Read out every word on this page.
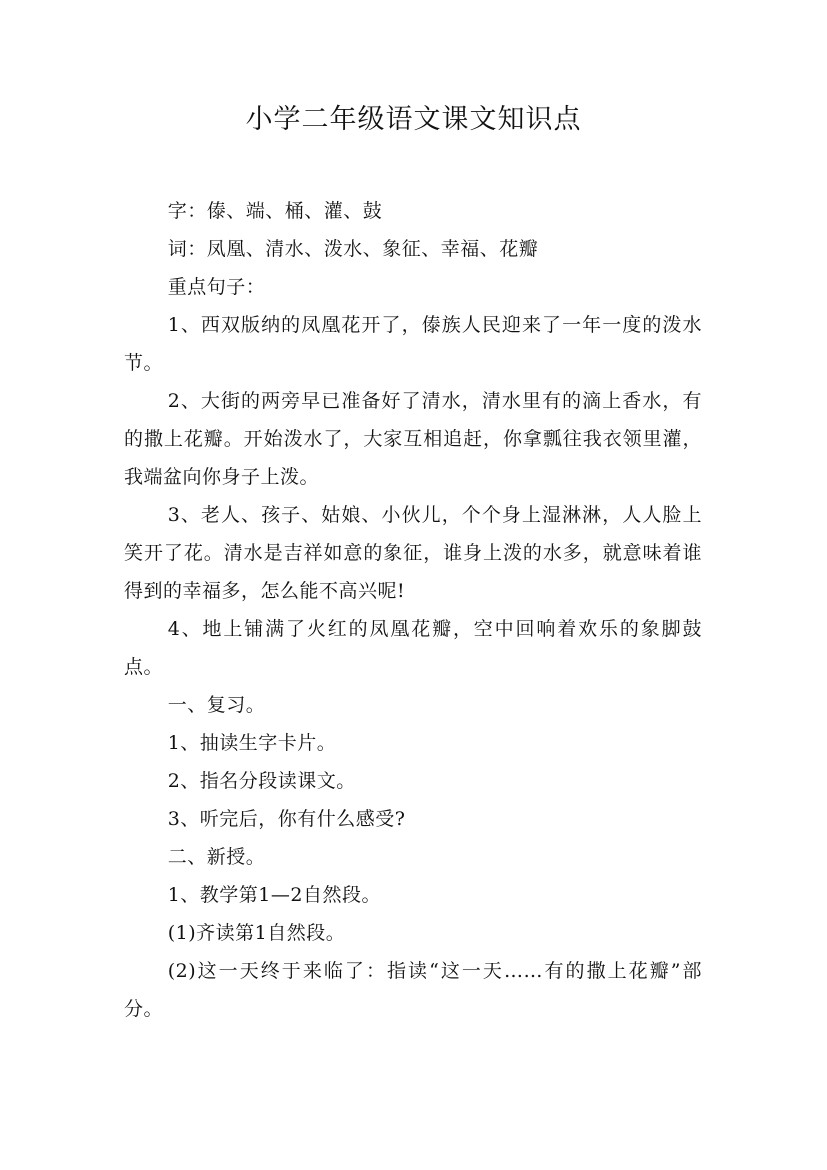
小学二年级语文课文知识点

字：傣、端、桶、灌、鼓

词：凤凰、清水、泼水、象征、幸福、花瓣

重点句子：

1、西双版纳的凤凰花开了，傣族人民迎来了一年一度的泼水节。

2、大街的两旁早已准备好了清水，清水里有的滴上香水，有的撒上花瓣。开始泼水了，大家互相追赶，你拿瓢往我衣领里灌，我端盆向你身子上泼。

3、老人、孩子、姑娘、小伙儿，个个身上湿淋淋，人人脸上笑开了花。清水是吉祥如意的象征，谁身上泼的水多，就意味着谁得到的幸福多，怎么能不高兴呢!

4、地上铺满了火红的凤凰花瓣，空中回响着欢乐的象脚鼓点。

一、复习。

1、抽读生字卡片。

2、指名分段读课文。

3、听完后，你有什么感受?

二、新授。

1、教学第1—2自然段。

(1)齐读第1自然段。

(2)这一天终于来临了：指读“这一天……有的撒上花瓣”部分。
